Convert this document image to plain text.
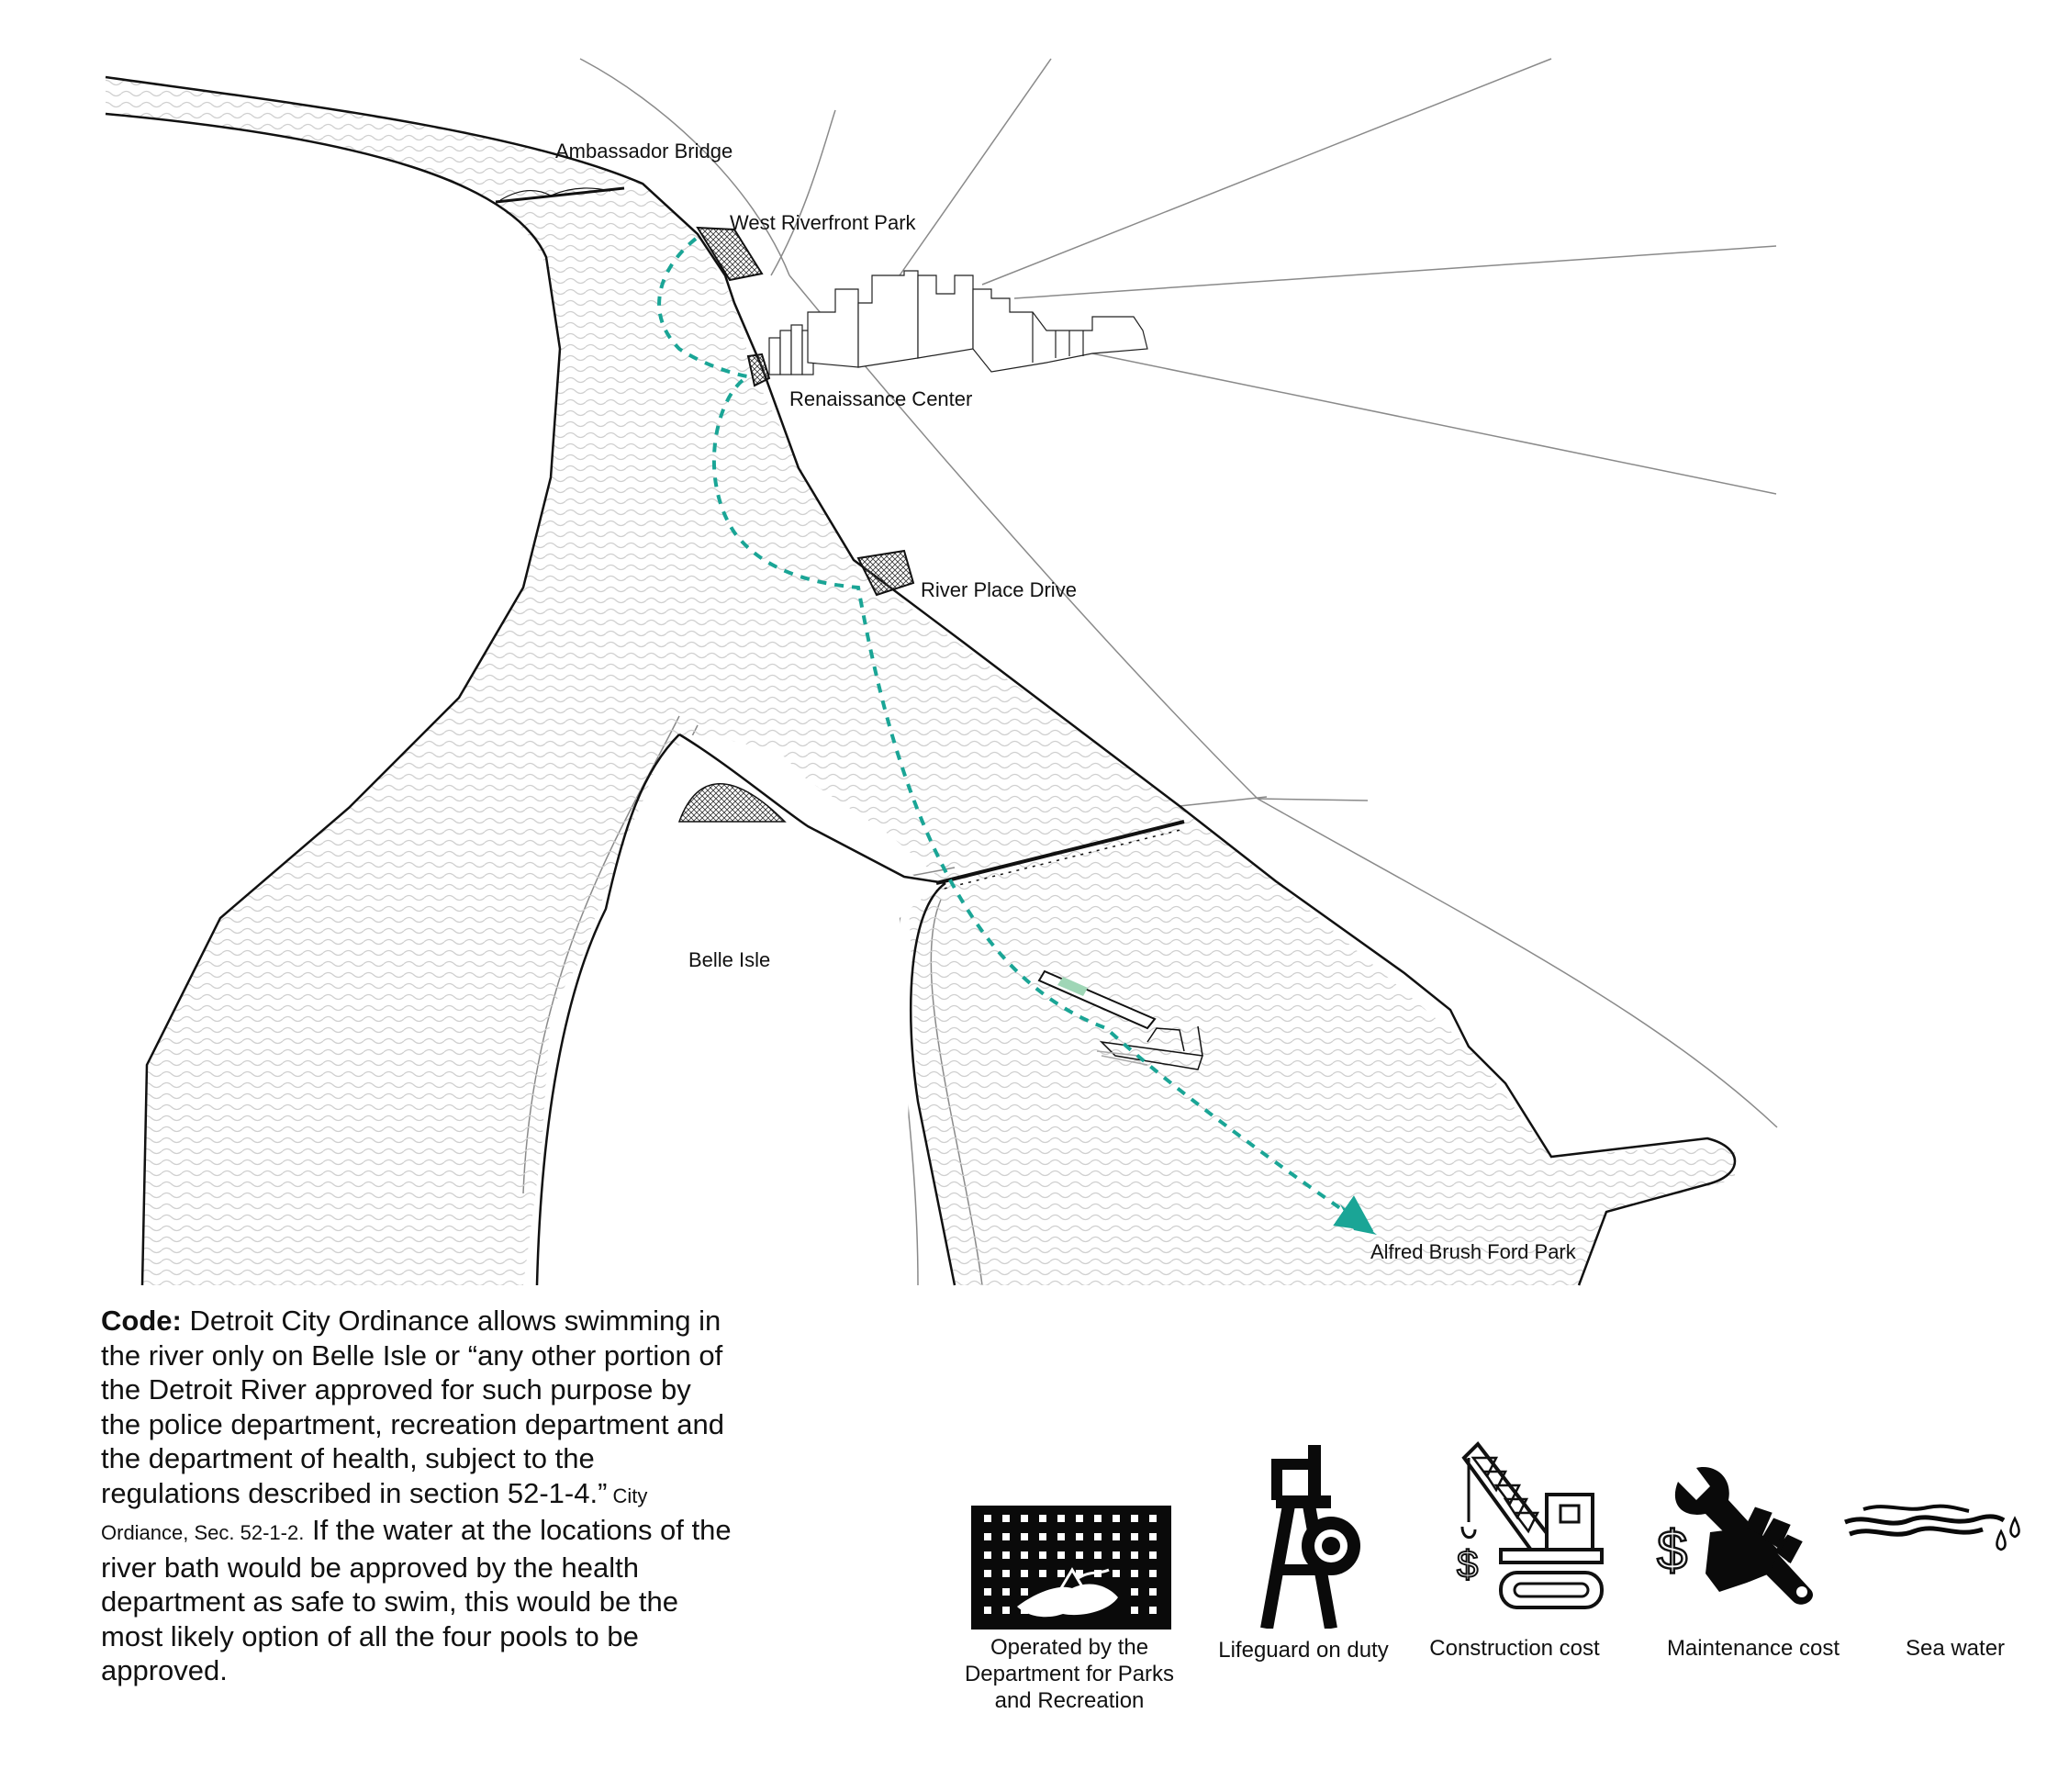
Ambassador Bridge
West Riverfront Park
Renaissance Center
River Place Drive
Belle Isle
Alfred Brush Ford Park
Code: Detroit City Ordinance allows swimming in the river only on Belle Isle or “any other portion of the Detroit River approved for such purpose by the police department, recreation department and the department of health, subject to the regulations described in section 52-1-4.” City Ordiance, Sec. 52-1-2. If the water at the locations of the river bath would be approved by the health department as safe to swim, this would be the most likely option of all the four pools to be approved.
Operated by the
Department for Parks
and Recreation
Lifeguard on duty
$
Construction cost
$
Maintenance cost	Sea water
